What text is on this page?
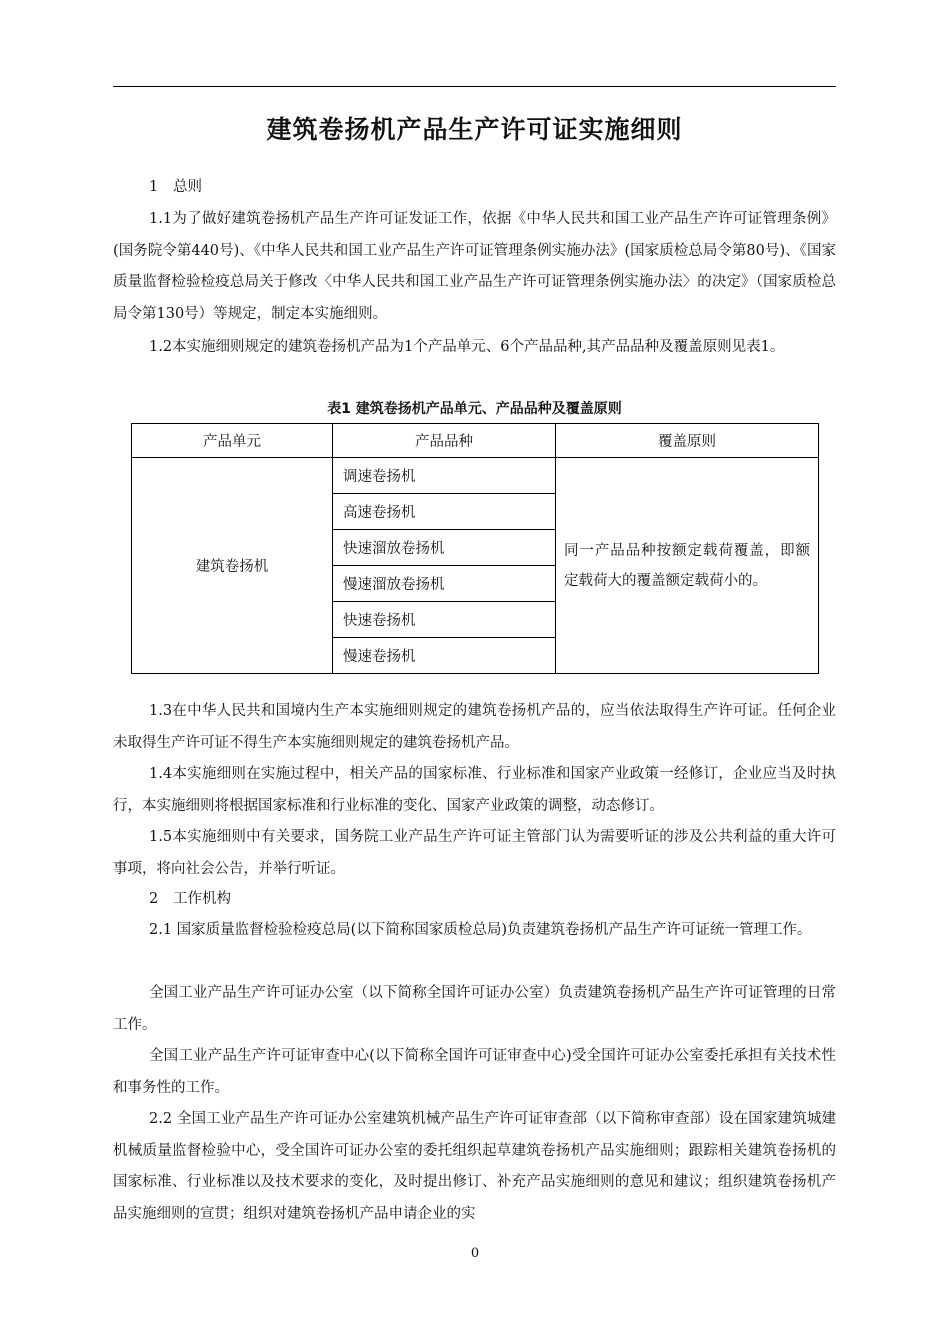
建筑卷扬机产品生产许可证实施细则
1 总则

1.1为了做好建筑卷扬机产品生产许可证发证工作，依据《中华人民共和国工业产品生产许可证管理条例》(国务院令第440号)、《中华人民共和国工业产品生产许可证管理条例实施办法》(国家质检总局令第80号)、《国家质量监督检验检疫总局关于修改〈中华人民共和国工业产品生产许可证管理条例实施办法〉的决定》（国家质检总局令第130号）等规定，制定本实施细则。

1.2本实施细则规定的建筑卷扬机产品为1个产品单元、6个产品品种,其产品品种及覆盖原则见表1。

表1 建筑卷扬机产品单元、产品品种及覆盖原则
产品单元	产品品种	覆盖原则
建筑卷扬机	调速卷扬机	同一产品品种按额定载荷覆盖，即额定载荷大的覆盖额定载荷小的。
	高速卷扬机	
	快速溜放卷扬机	
	慢速溜放卷扬机	
	快速卷扬机	
	慢速卷扬机	

1.3在中华人民共和国境内生产本实施细则规定的建筑卷扬机产品的，应当依法取得生产许可证。任何企业未取得生产许可证不得生产本实施细则规定的建筑卷扬机产品。

1.4本实施细则在实施过程中，相关产品的国家标准、行业标准和国家产业政策一经修订，企业应当及时执行，本实施细则将根据国家标准和行业标准的变化、国家产业政策的调整，动态修订。

1.5本实施细则中有关要求，国务院工业产品生产许可证主管部门认为需要听证的涉及公共利益的重大许可事项，将向社会公告，并举行听证。

2 工作机构

2.1 国家质量监督检验检疫总局(以下简称国家质检总局)负责建筑卷扬机产品生产许可证统一管理工作。

全国工业产品生产许可证办公室（以下简称全国许可证办公室）负责建筑卷扬机产品生产许可证管理的日常工作。

全国工业产品生产许可证审查中心(以下简称全国许可证审查中心)受全国许可证办公室委托承担有关技术性和事务性的工作。

2.2 全国工业产品生产许可证办公室建筑机械产品生产许可证审查部（以下简称审查部）设在国家建筑城建机械质量监督检验中心，受全国许可证办公室的委托组织起草建筑卷扬机产品实施细则；跟踪相关建筑卷扬机的国家标准、行业标准以及技术要求的变化，及时提出修订、补充产品实施细则的意见和建议；组织建筑卷扬机产品实施细则的宣贯；组织对建筑卷扬机产品申请企业的实

0
